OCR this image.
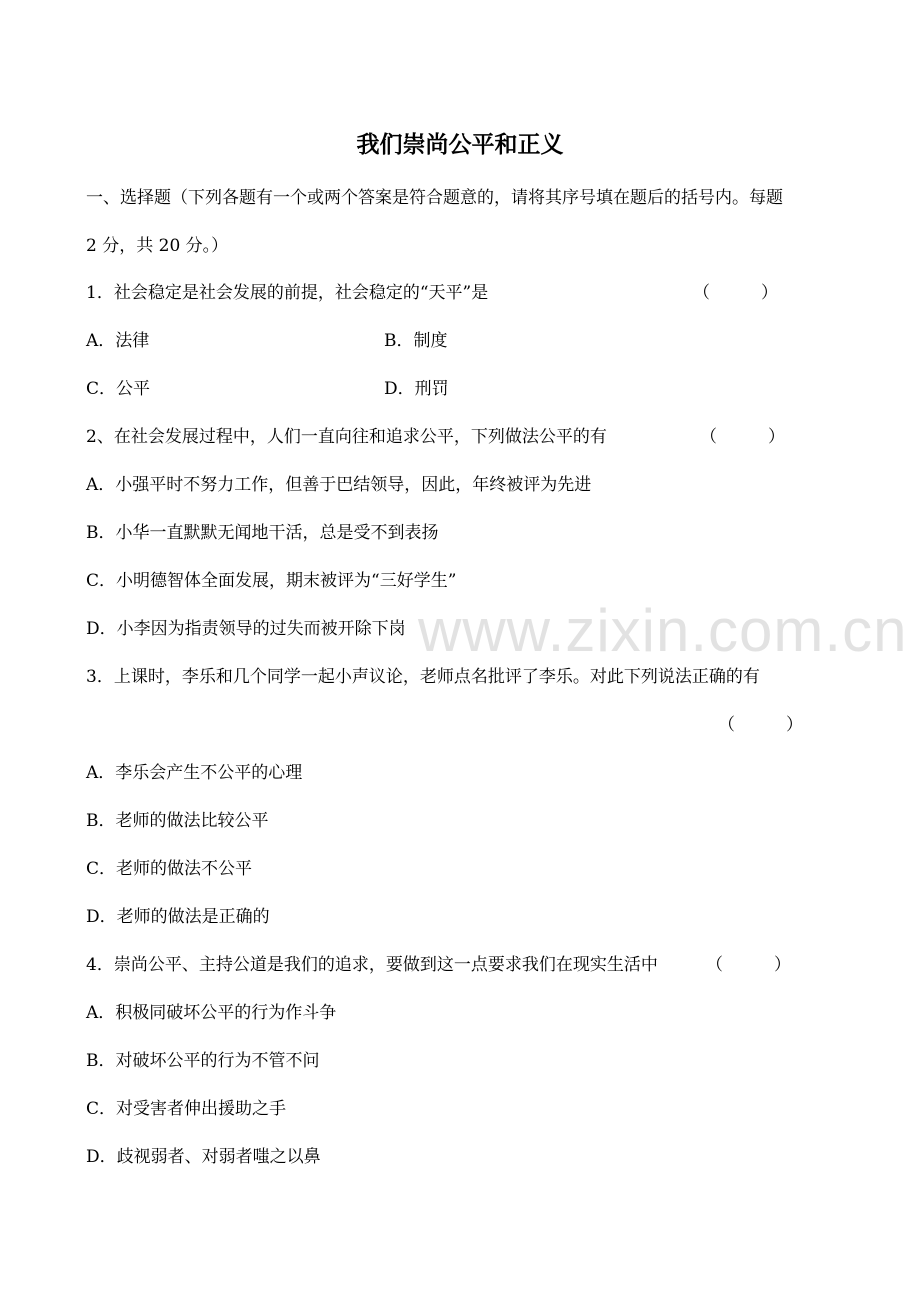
www.zixin.com.cn
我们崇尚公平和正义
一、选择题（下列各题有一个或两个答案是符合题意的，请将其序号填在题后的括号内。每题
2 分，共 20 分。）
1．社会稳定是社会发展的前提，社会稳定的“天平”是	（　　　）
A．法律	B．制度
C．公平	D．刑罚
2、在社会发展过程中，人们一直向往和追求公平，下列做法公平的有	（　　　）
A．小强平时不努力工作，但善于巴结领导，因此，年终被评为先进
B．小华一直默默无闻地干活，总是受不到表扬
C．小明德智体全面发展，期末被评为“三好学生”
D．小李因为指责领导的过失而被开除下岗
3．上课时，李乐和几个同学一起小声议论，老师点名批评了李乐。对此下列说法正确的有
（　　　）
A．李乐会产生不公平的心理
B．老师的做法比较公平
C．老师的做法不公平
D．老师的做法是正确的
4．崇尚公平、主持公道是我们的追求，要做到这一点要求我们在现实生活中	（　　　）
A．积极同破坏公平的行为作斗争
B．对破坏公平的行为不管不问
C．对受害者伸出援助之手
D．歧视弱者、对弱者嗤之以鼻
